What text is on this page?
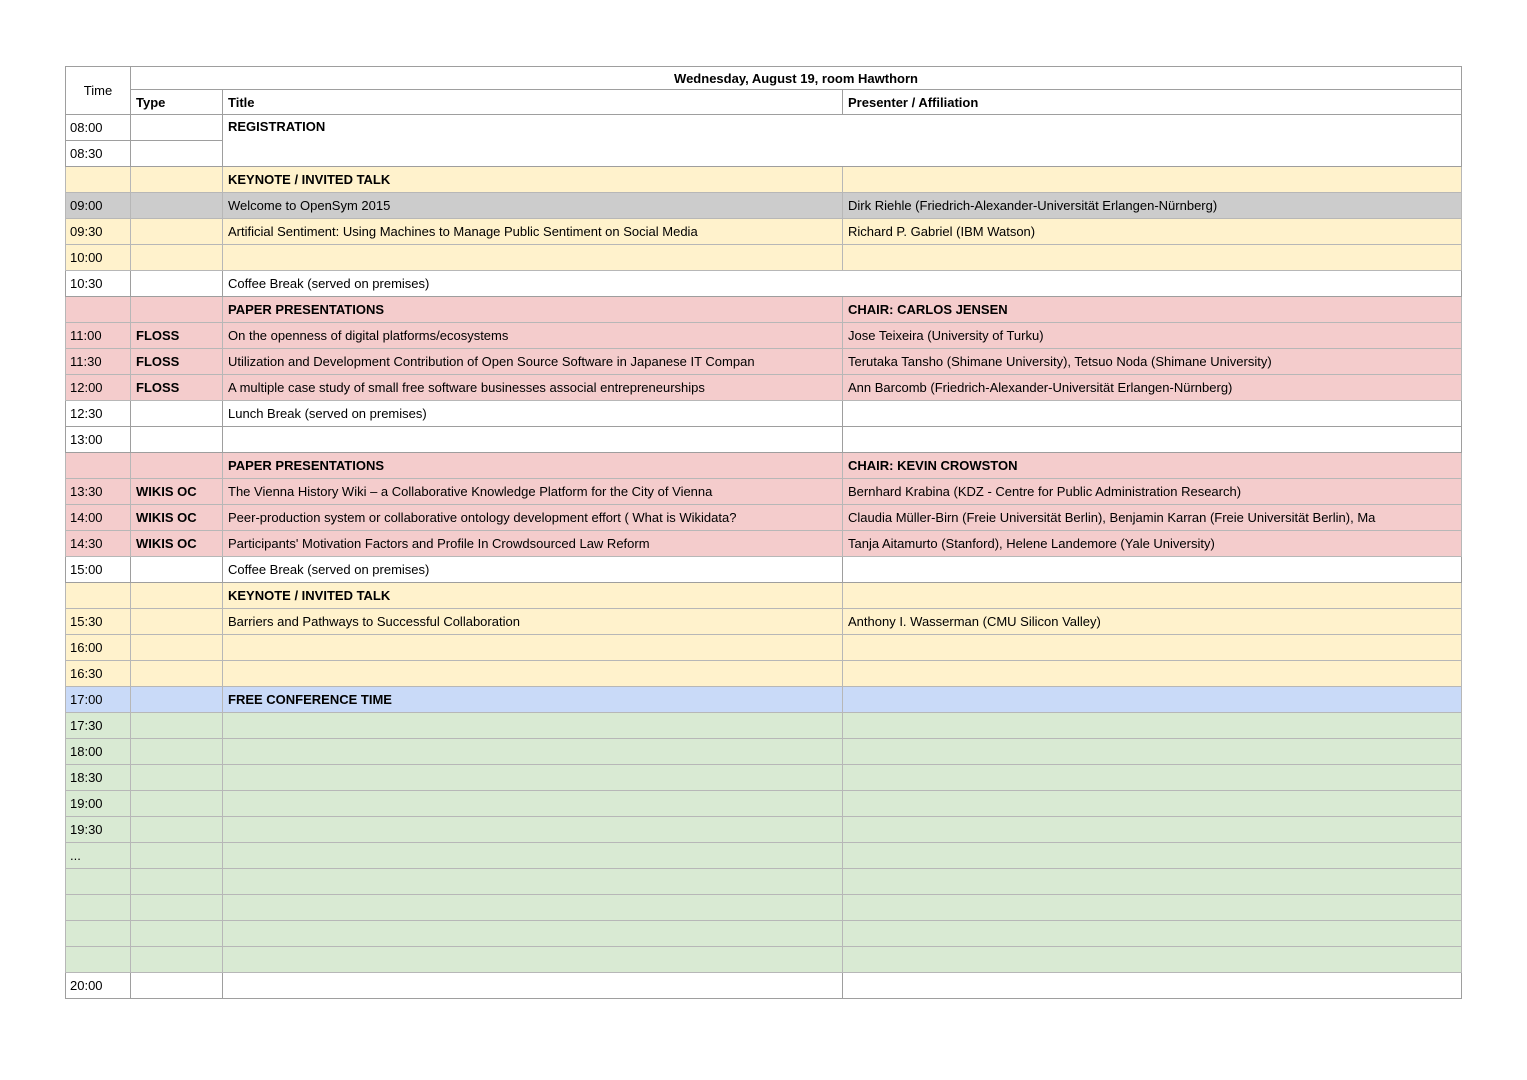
Time	Wednesday, August 19, room Hawthorn		
	Type	Title	Presenter / Affiliation
08:00		REGISTRATION	
08:30			
		KEYNOTE / INVITED TALK	
09:00		Welcome to OpenSym 2015	Dirk Riehle (Friedrich-Alexander-Universität Erlangen-Nürnberg)
09:30		Artificial Sentiment: Using Machines to Manage Public Sentiment on Social Media	Richard P. Gabriel (IBM Watson)
10:00			
10:30		Coffee Break (served on premises)	
		PAPER PRESENTATIONS	CHAIR: CARLOS JENSEN
11:00	FLOSS	On the openness of digital platforms/ecosystems	Jose Teixeira (University of Turku)
11:30	FLOSS	Utilization and Development Contribution of Open Source Software in Japanese IT Compan	Terutaka Tansho (Shimane University), Tetsuo Noda (Shimane University)
12:00	FLOSS	A multiple case study of small free software businesses associal entrepreneurships	Ann Barcomb (Friedrich-Alexander-Universität Erlangen-Nürnberg)
12:30		Lunch Break (served on premises)	
13:00			
		PAPER PRESENTATIONS	CHAIR: KEVIN CROWSTON
13:30	WIKIS OC	The Vienna History Wiki – a Collaborative Knowledge Platform for the City of Vienna	Bernhard Krabina (KDZ - Centre for Public Administration Research)
14:00	WIKIS OC	Peer-production system or collaborative ontology development effort ( What is Wikidata?	Claudia Müller-Birn (Freie Universität Berlin), Benjamin Karran (Freie Universität Berlin), Ma
14:30	WIKIS OC	Participants' Motivation Factors and Profile In Crowdsourced Law Reform	Tanja Aitamurto (Stanford), Helene Landemore (Yale University)
15:00		Coffee Break (served on premises)	
		KEYNOTE / INVITED TALK	
15:30		Barriers and Pathways to Successful Collaboration	Anthony I. Wasserman (CMU Silicon Valley)
16:00			
16:30			
17:00		FREE CONFERENCE TIME	
17:30			
18:00			
18:30			
19:00			
19:30			
...			

20:00			
